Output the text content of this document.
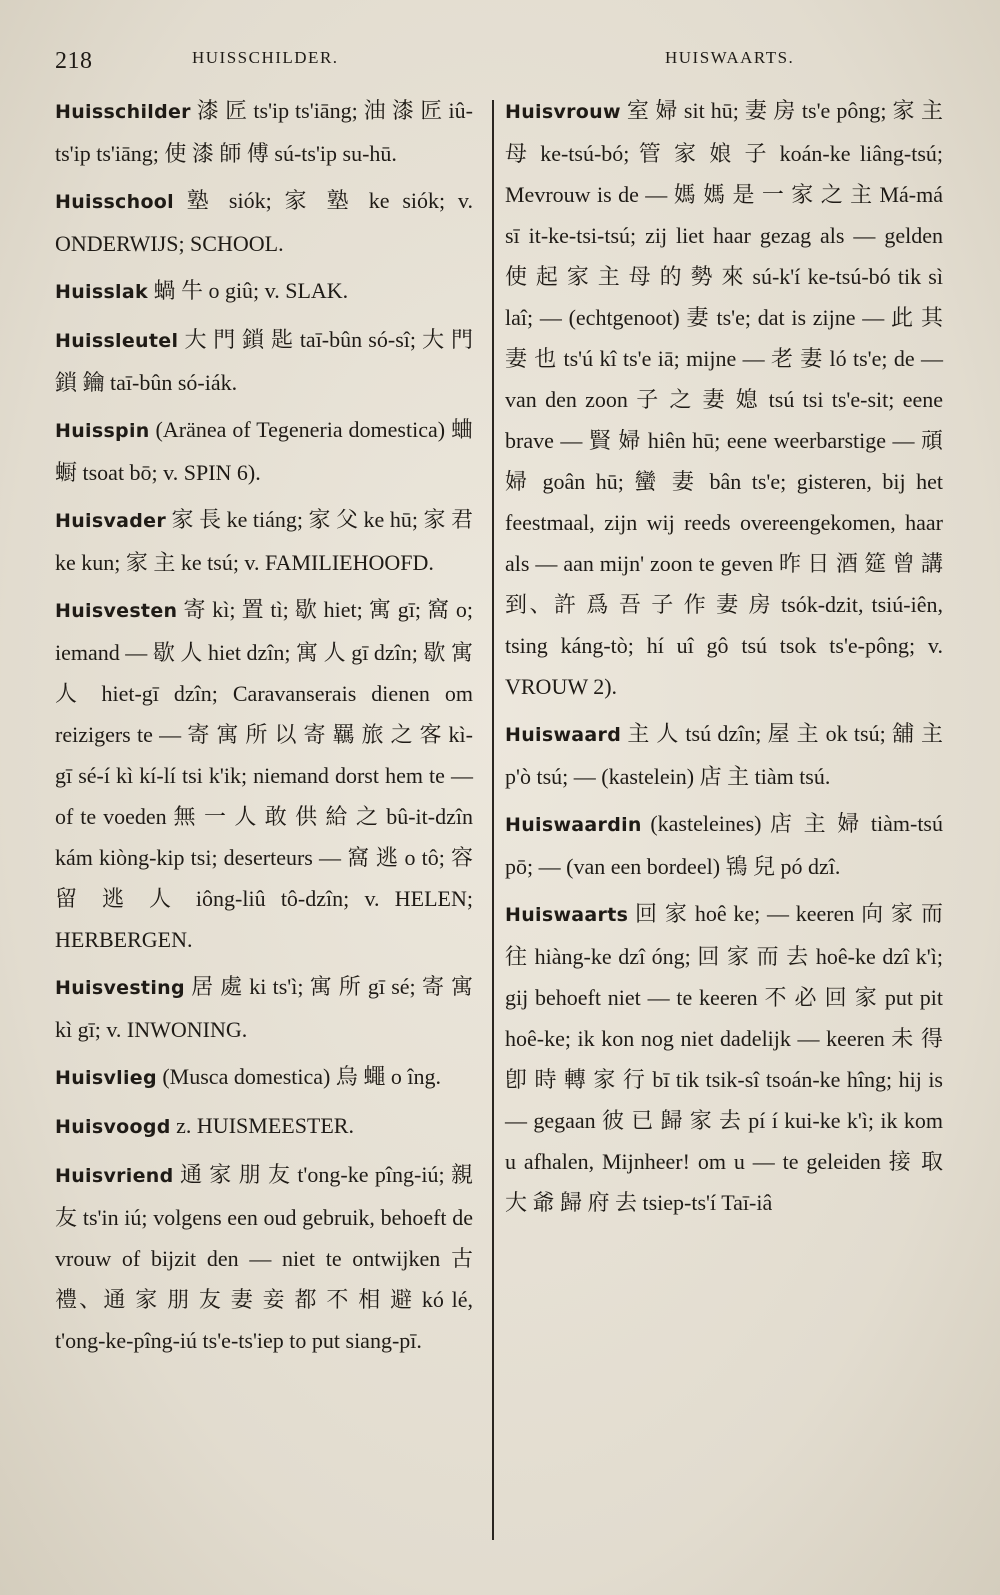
218	HUISSCHILDER.	HUISWAARTS.

Huisschilder 漆 匠 ts'ip ts'iāng; 油 漆 匠 iû-ts'ip ts'iāng; 使 漆 師 傅 sú-ts'ip su-hū.

Huisschool 塾 siók; 家 塾 ke siók; v. ONDERWIJS; SCHOOL.

Huisslak 蝸 牛 o giû; v. SLAK.

Huissleutel 大 門 鎖 匙 taī-bûn só-sî; 大 門 鎖 鑰 taī-bûn só-iák.

Huisspin (Aränea of Tegeneria domestica) 蛐 蟵 tsoat bō; v. SPIN 6).

Huisvader 家 長 ke tiáng; 家 父 ke hū; 家 君 ke kun; 家 主 ke tsú; v. FAMILIEHOOFD.

Huisvesten 寄 kì; 置 tì; 歇 hiet; 寓 gī; 窩 o; iemand — 歇 人 hiet dzîn; 寓 人 gī dzîn; 歇 寓 人 hiet-gī dzîn; Caravanserais dienen om reizigers te — 寄 寓 所 以 寄 羈 旅 之 客 kì-gī sé-í kì kí-lí tsi k'ik; niemand dorst hem te — of te voeden 無 一 人 敢 供 給 之 bû-it-dzîn kám kiòng-kip tsi; deserteurs — 窩 逃 o tô; 容 留 逃 人 iông-liû tô-dzîn; v. HELEN; HERBERGEN.

Huisvesting 居 處 ki ts'ì; 寓 所 gī sé; 寄 寓 kì gī; v. INWONING.

Huisvlieg (Musca domestica) 烏 蠅 o îng.

Huisvoogd z. HUISMEESTER.

Huisvriend 通 家 朋 友 t'ong-ke pîng-iú; 親 友 ts'in iú; volgens een oud gebruik, behoeft de vrouw of bijzit den — niet te ontwijken 古 禮、通 家 朋 友 妻 妾 都 不 相 避 kó lé, t'ong-ke-pîng-iú ts'e-ts'iep to put siang-pī.

Huisvrouw 室 婦 sit hū; 妻 房 ts'e pông; 家 主 母 ke-tsú-bó; 管 家 娘 子 koán-ke liâng-tsú; Mevrouw is de — 媽 媽 是 一 家 之 主 Má-má sī it-ke-tsi-tsú; zij liet haar gezag als — gelden 使 起 家 主 母 的 勢 來 sú-k'í ke-tsú-bó tik sì laî; — (echtgenoot) 妻 ts'e; dat is zijne — 此 其 妻 也 ts'ú kî ts'e iā; mijne — 老 妻 ló ts'e; de — van den zoon 子 之 妻 媳 tsú tsi ts'e-sit; eene brave — 賢 婦 hiên hū; eene weerbarstige — 頑 婦 goân hū; 蠻 妻 bân ts'e; gisteren, bij het feestmaal, zijn wij reeds overeengekomen, haar als — aan mijn' zoon te geven 昨 日 酒 筵 曾 講 到、許 爲 吾 子 作 妻 房 tsók-dzit, tsiú-iên, tsing káng-tò; hí uî gô tsú tsok ts'e-pông; v. VROUW 2).

Huiswaard 主 人 tsú dzîn; 屋 主 ok tsú; 舖 主 p'ò tsú; — (kastelein) 店 主 tiàm tsú.

Huiswaardin (kasteleines) 店 主 婦 tiàm-tsú pō; — (van een bordeel) 鴇 兒 pó dzî.

Huiswaarts 回 家 hoê ke; — keeren 向 家 而 往 hiàng-ke dzî óng; 回 家 而 去 hoê-ke dzî k'ì; gij behoeft niet — te keeren 不 必 回 家 put pit hoê-ke; ik kon nog niet dadelijk — keeren 未 得 卽 時 轉 家 行 bī tik tsik-sî tsoán-ke hîng; hij is — gegaan 彼 已 歸 家 去 pí í kui-ke k'ì; ik kom u afhalen, Mijnheer! om u — te geleiden 接 取 大 爺 歸 府 去 tsiep-ts'í Taī-iâ
